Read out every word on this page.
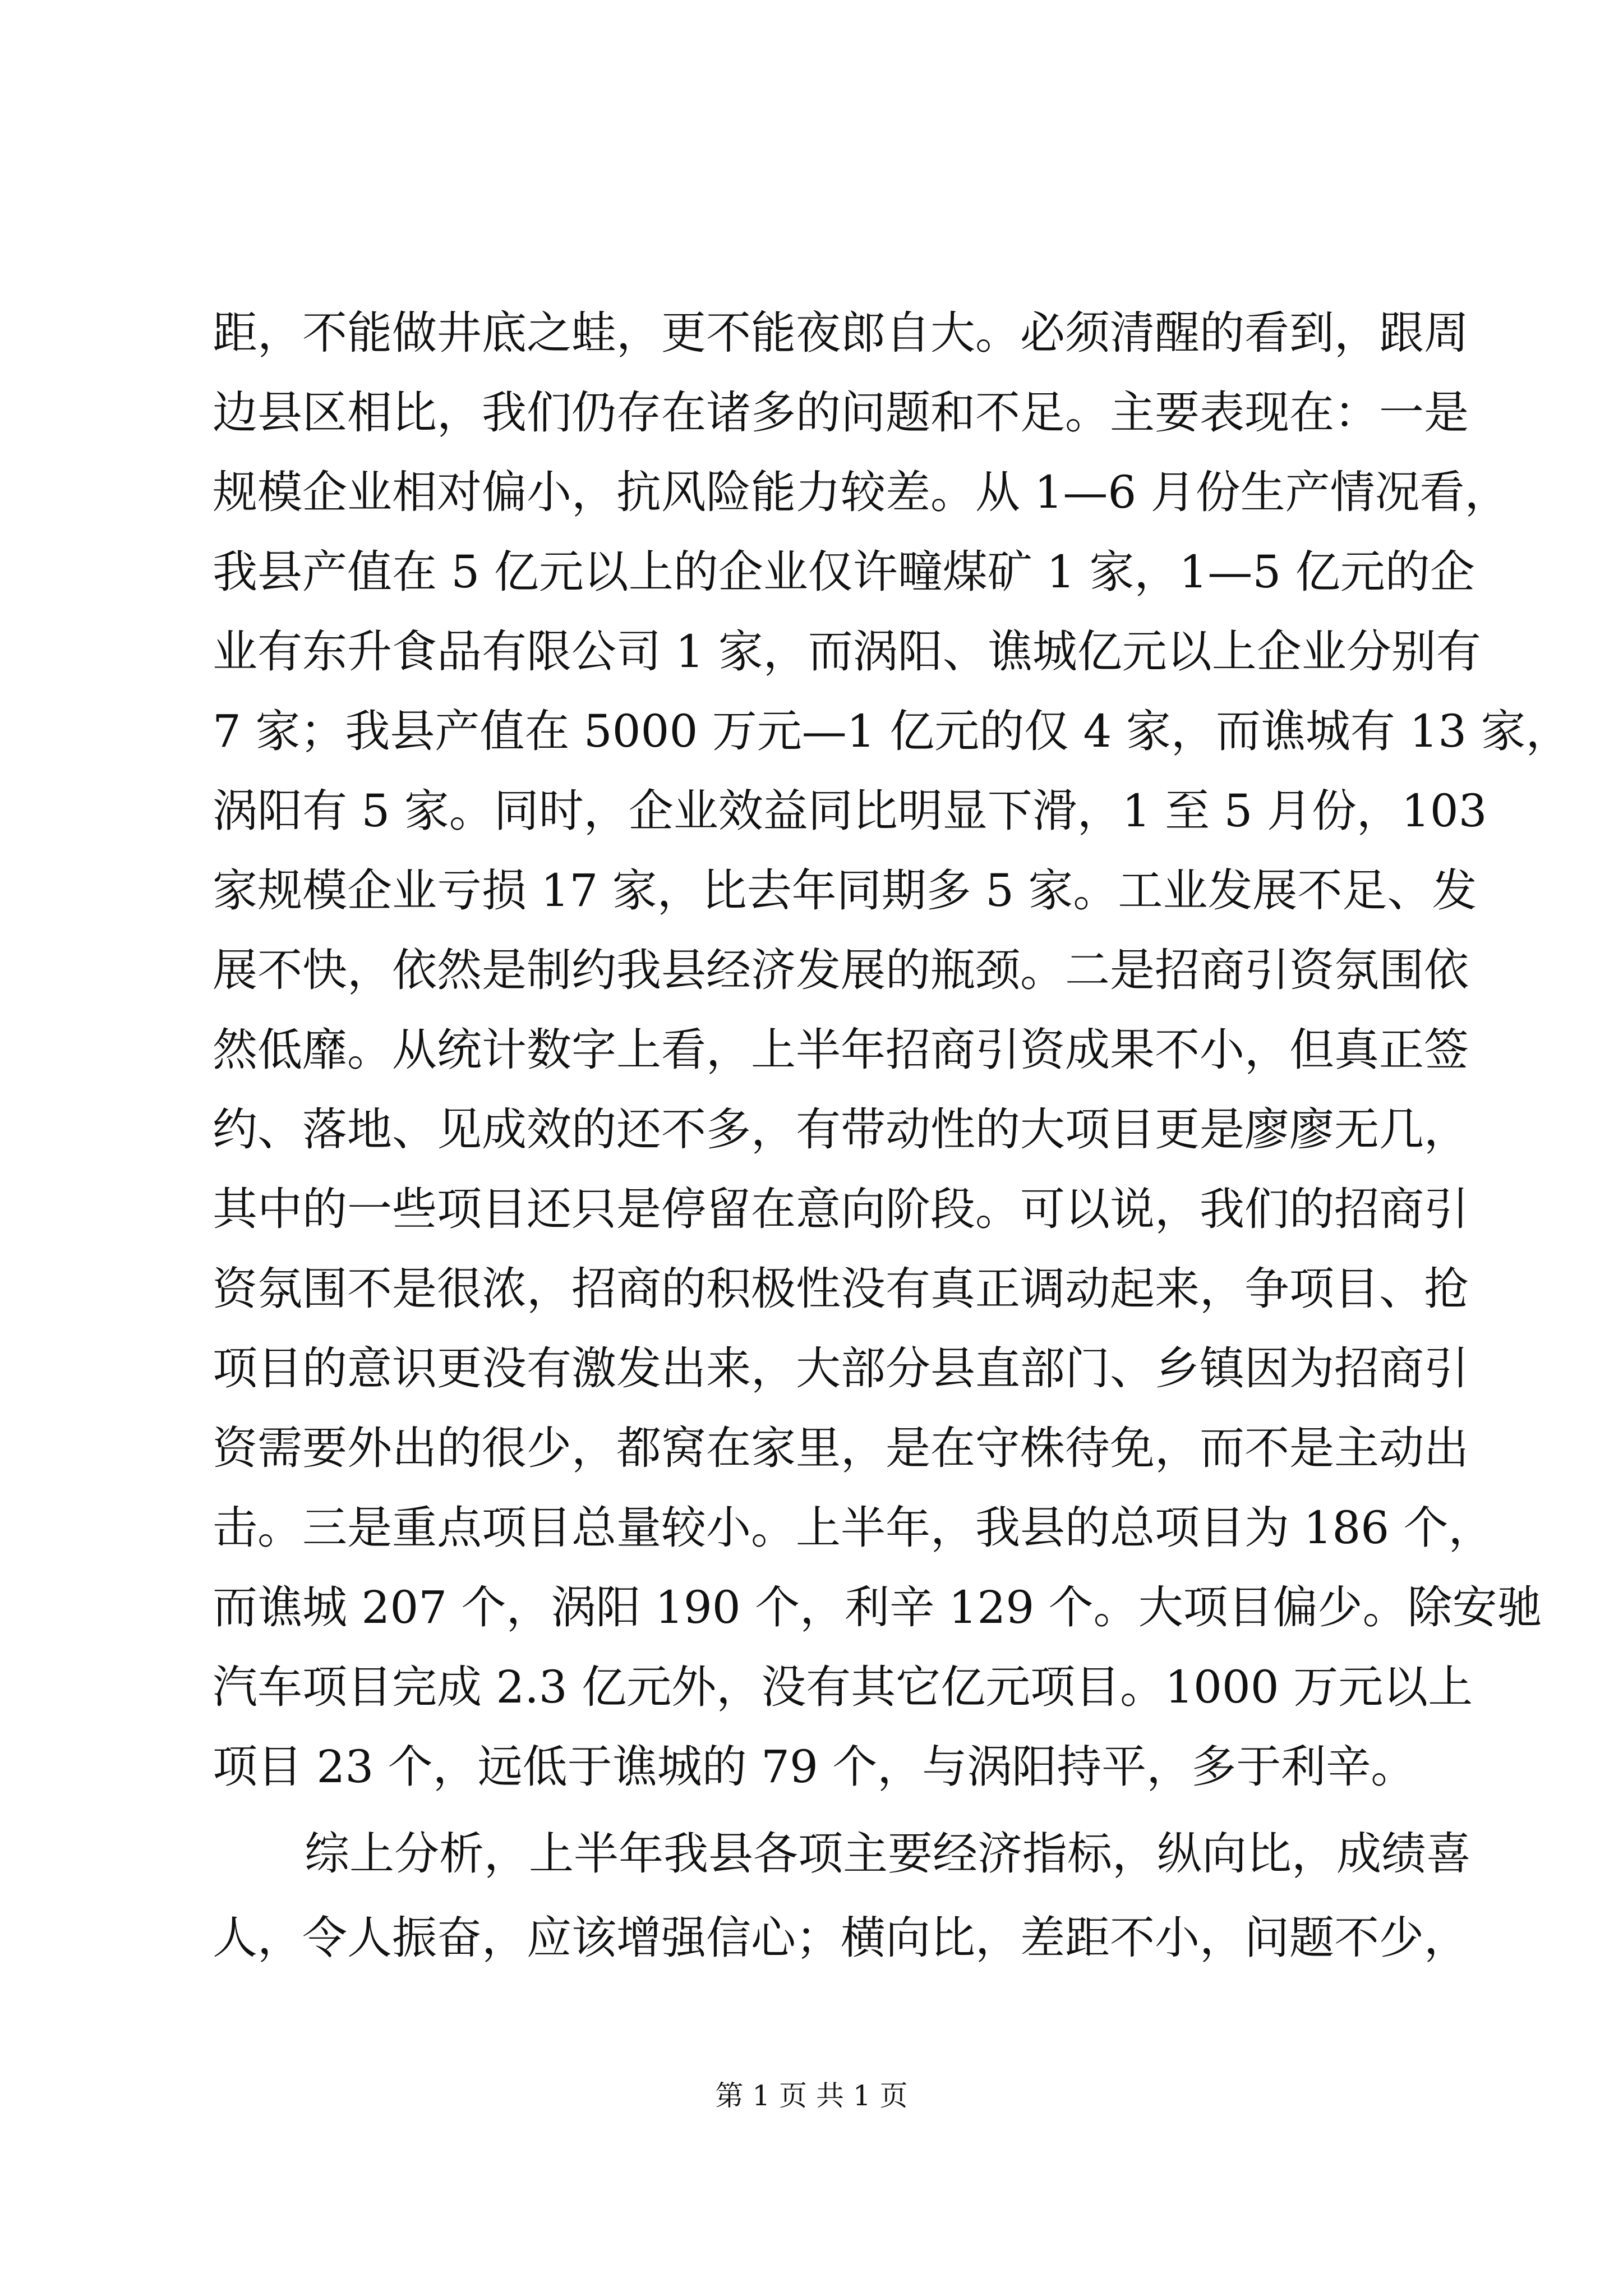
距，不能做井底之蛙，更不能夜郎自大。必须清醒的看到，跟周
边县区相比，我们仍存在诸多的问题和不足。主要表现在：一是
规模企业相对偏小，抗风险能力较差。从 1—6 月份生产情况看，
我县产值在 5 亿元以上的企业仅许疃煤矿 1 家，1—5 亿元的企
业有东升食品有限公司 1 家，而涡阳、谯城亿元以上企业分别有
7 家；我县产值在 5000 万元—1 亿元的仅 4 家，而谯城有 13 家，
涡阳有 5 家。同时，企业效益同比明显下滑，1 至 5 月份，103
家规模企业亏损 17 家，比去年同期多 5 家。工业发展不足、发
展不快，依然是制约我县经济发展的瓶颈。二是招商引资氛围依
然低靡。从统计数字上看，上半年招商引资成果不小，但真正签
约、落地、见成效的还不多，有带动性的大项目更是廖廖无几，
其中的一些项目还只是停留在意向阶段。可以说，我们的招商引
资氛围不是很浓，招商的积极性没有真正调动起来，争项目、抢
项目的意识更没有激发出来，大部分县直部门、乡镇因为招商引
资需要外出的很少，都窝在家里，是在守株待免，而不是主动出
击。三是重点项目总量较小。上半年，我县的总项目为 186 个，
而谯城 207 个，涡阳 190 个，利辛 129 个。大项目偏少。除安驰
汽车项目完成 2.3 亿元外，没有其它亿元项目。1000 万元以上
项目 23 个，远低于谯城的 79 个，与涡阳持平，多于利辛。
综上分析，上半年我县各项主要经济指标，纵向比，成绩喜
人，令人振奋，应该增强信心；横向比，差距不小，问题不少，
第 1 页 共 1 页
